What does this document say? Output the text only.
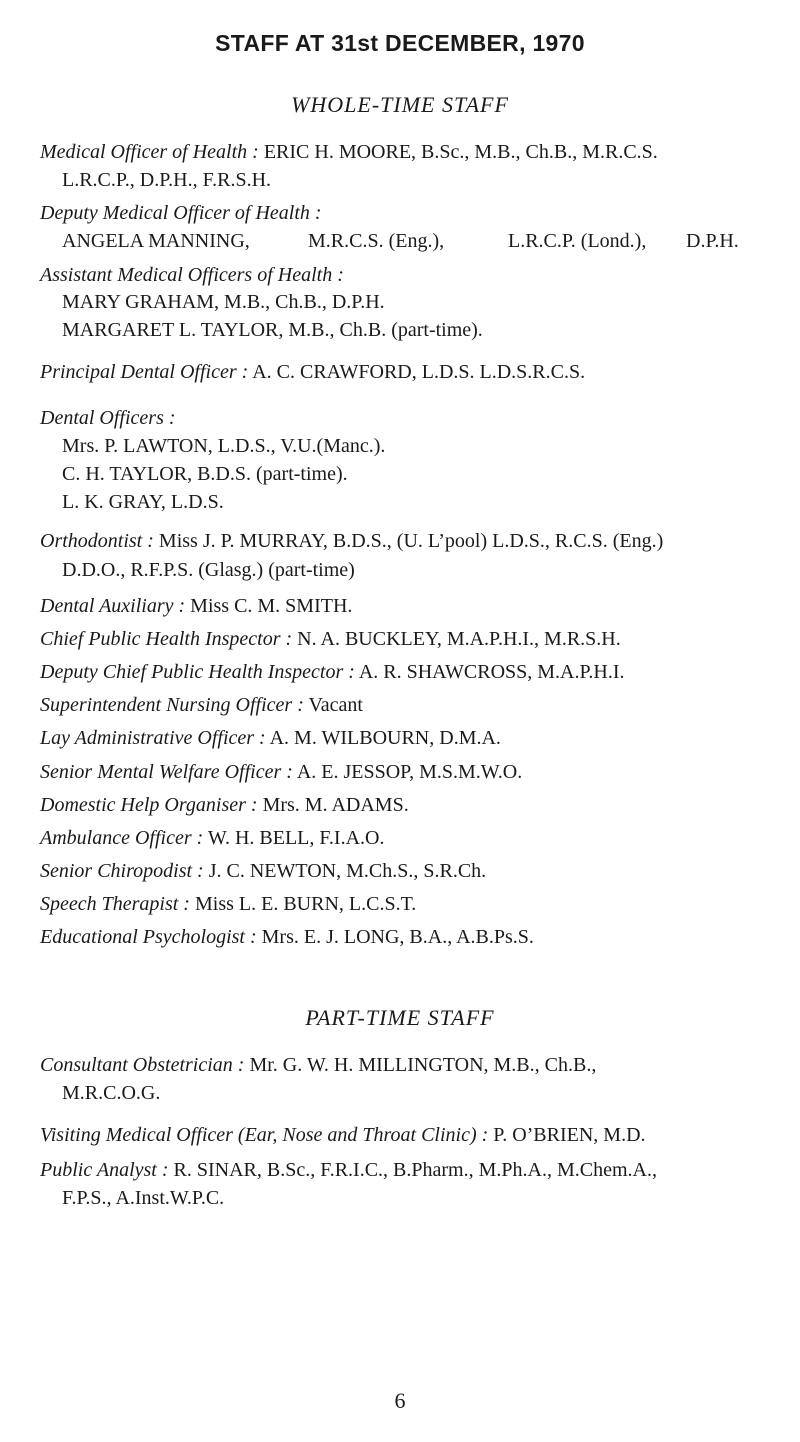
STAFF AT 31st DECEMBER, 1970
WHOLE-TIME STAFF
Medical Officer of Health : ERIC H. MOORE, B.Sc., M.B., Ch.B., M.R.C.S.
L.R.C.P., D.P.H., F.R.S.H.
Deputy Medical Officer of Health :
ANGELA MANNING,	M.R.C.S. (Eng.),	L.R.C.P. (Lond.), D.P.H.
Assistant Medical Officers of Health :
MARY GRAHAM, M.B., Ch.B., D.P.H.
MARGARET L. TAYLOR, M.B., Ch.B. (part-time).
Principal Dental Officer : A. C. CRAWFORD, L.D.S. L.D.S.R.C.S.
Dental Officers :
Mrs. P. LAWTON, L.D.S., V.U.(Manc.).
C. H. TAYLOR, B.D.S. (part-time).
L. K. GRAY, L.D.S.
Orthodontist : Miss J. P. MURRAY, B.D.S., (U. L’pool) L.D.S., R.C.S. (Eng.)
D.D.O., R.F.P.S. (Glasg.) (part-time)
Dental Auxiliary : Miss C. M. SMITH.
Chief Public Health Inspector : N. A. BUCKLEY, M.A.P.H.I., M.R.S.H.
Deputy Chief Public Health Inspector : A. R. SHAWCROSS, M.A.P.H.I.
Superintendent Nursing Officer : Vacant
Lay Administrative Officer : A. M. WILBOURN, D.M.A.
Senior Mental Welfare Officer : A. E. JESSOP, M.S.M.W.O.
Domestic Help Organiser : Mrs. M. ADAMS.
Ambulance Officer : W. H. BELL, F.I.A.O.
Senior Chiropodist : J. C. NEWTON, M.Ch.S., S.R.Ch.
Speech Therapist : Miss L. E. BURN, L.C.S.T.
Educational Psychologist : Mrs. E. J. LONG, B.A., A.B.Ps.S.
PART-TIME STAFF
Consultant Obstetrician : Mr. G. W. H. MILLINGTON, M.B., Ch.B.,
M.R.C.O.G.
Visiting Medical Officer (Ear, Nose and Throat Clinic) : P. O’BRIEN, M.D.
Public Analyst : R. SINAR, B.Sc., F.R.I.C., B.Pharm., M.Ph.A., M.Chem.A.,
F.P.S., A.Inst.W.P.C.
6
